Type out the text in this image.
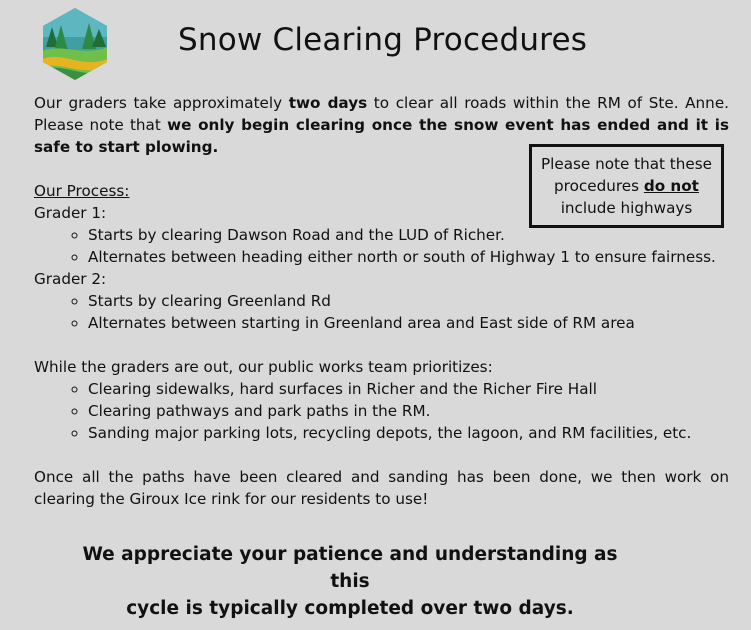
Snow Clearing Procedures

Our graders take approximately two days to clear all roads within the RM of Ste. Anne. Please note that we only begin clearing once the snow event has ended and it is safe to start plowing.

Our Process:
Grader 1:
◦ Starts by clearing Dawson Road and the LUD of Richer.
◦ Alternates between heading either north or south of Highway 1 to ensure fairness.
Grader 2:
◦ Starts by clearing Greenland Rd
◦ Alternates between starting in Greenland area and East side of RM area
While the graders are out, our public works team prioritizes:
◦ Clearing sidewalks, hard surfaces in Richer and the Richer Fire Hall
◦ Clearing pathways and park paths in the RM.
◦ Sanding major parking lots, recycling depots, the lagoon, and RM facilities, etc.

Once all the paths have been cleared and sanding has been done, we then work on clearing the Giroux Ice rink for our residents to use!

Please note that these
procedures do not
include highways
We appreciate your patience and understanding as this
cycle is typically completed over two days.
